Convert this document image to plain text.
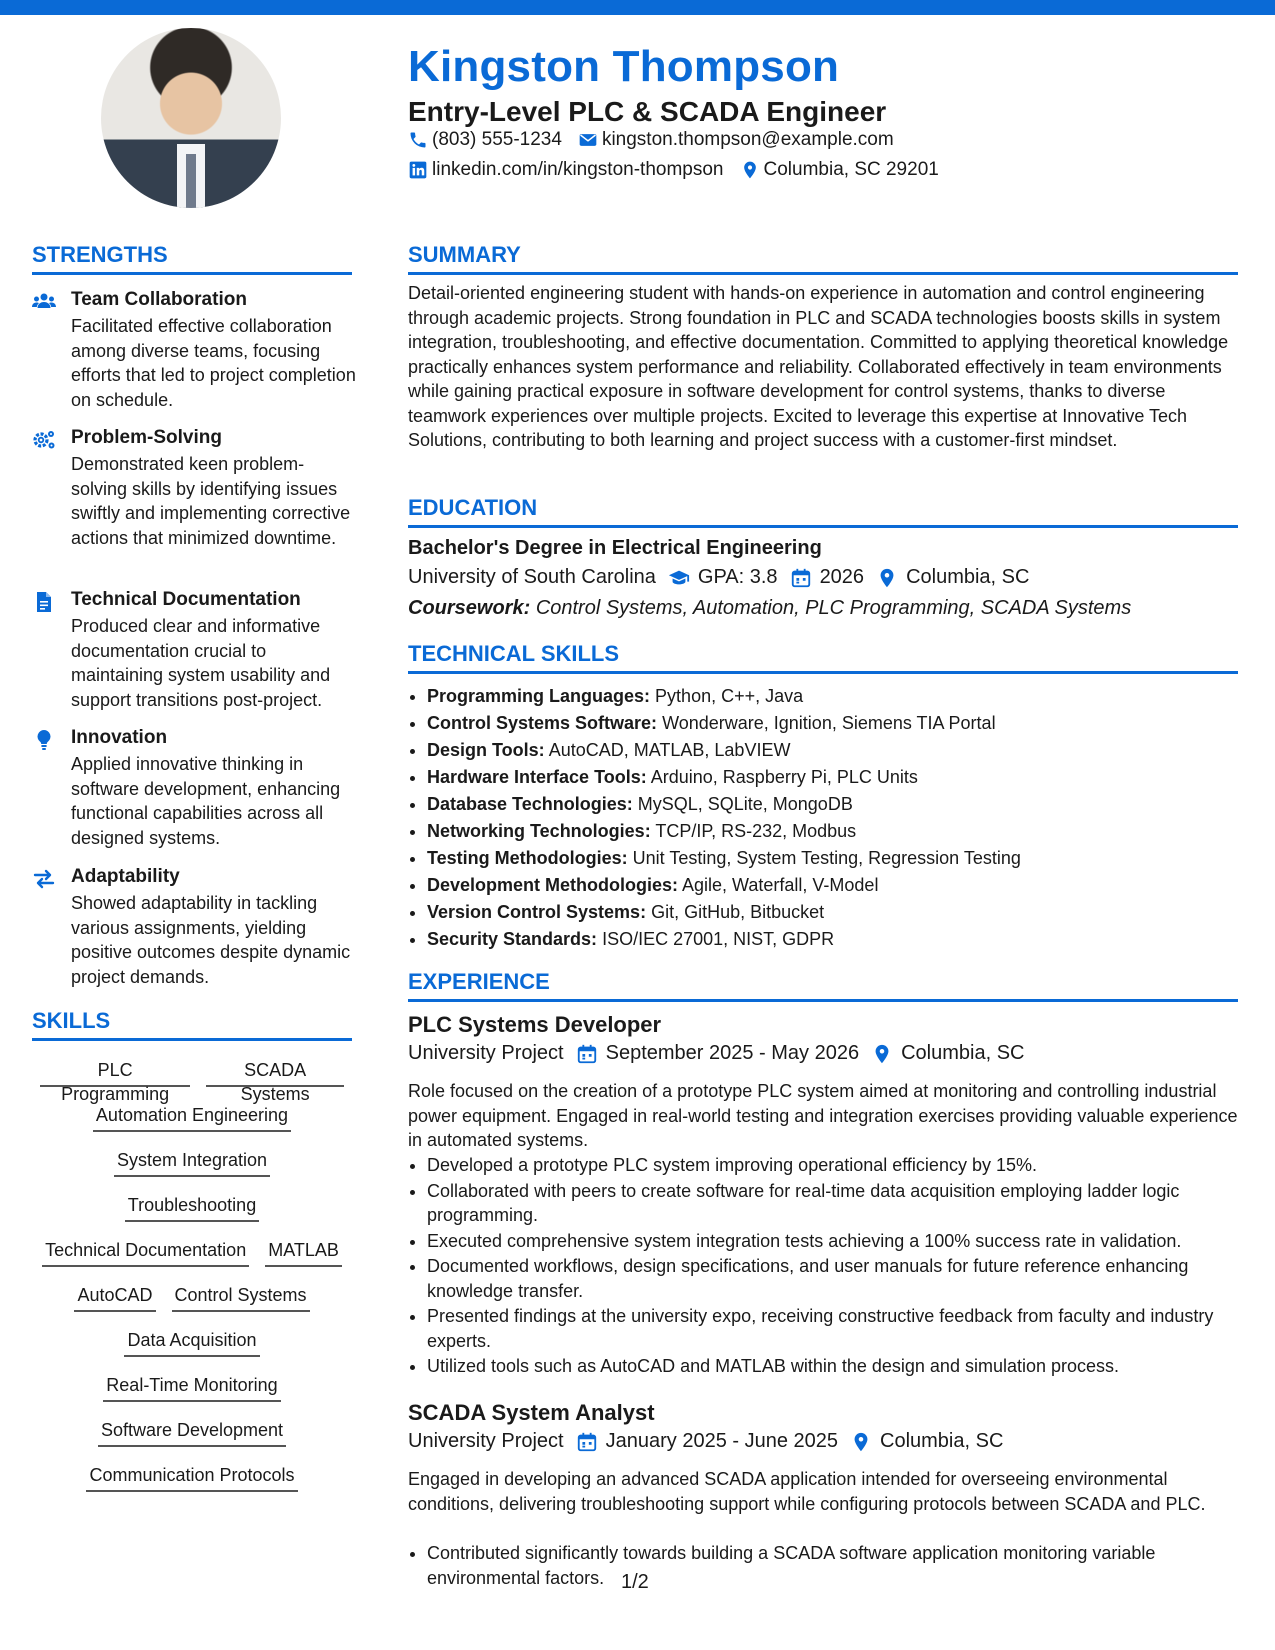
Kingston Thompson
Entry-Level PLC & SCADA Engineer
(803) 555-1234 kingston.thompson@example.com
linkedin.com/in/kingston-thompson Columbia, SC 29201
STRENGTHS
Team Collaboration
Facilitated effective collaboration among diverse teams, focusing efforts that led to project completion on schedule.
Problem-Solving
Demonstrated keen problem-solving skills by identifying issues swiftly and implementing corrective actions that minimized downtime.
Technical Documentation
Produced clear and informative documentation crucial to maintaining system usability and support transitions post-project.
Innovation
Applied innovative thinking in software development, enhancing functional capabilities across all designed systems.
Adaptability
Showed adaptability in tackling various assignments, yielding positive outcomes despite dynamic project demands.
SKILLS
PLC Programming
SCADA Systems
Automation Engineering
System Integration
Troubleshooting
Technical Documentation MATLAB
AutoCAD Control Systems
Data Acquisition
Real-Time Monitoring
Software Development
Communication Protocols
SUMMARY

Detail-oriented engineering student with hands-on experience in automation and control engineering through academic projects. Strong foundation in PLC and SCADA technologies boosts skills in system integration, troubleshooting, and effective documentation. Committed to applying theoretical knowledge practically enhances system performance and reliability. Collaborated effectively in team environments while gaining practical exposure in software development for control systems, thanks to diverse teamwork experiences over multiple projects. Excited to leverage this expertise at Innovative Tech Solutions, contributing to both learning and project success with a customer-first mindset.

EDUCATION
Bachelor's Degree in Electrical Engineering
University of South Carolina GPA: 3.8 2026 Columbia, SC

Coursework: Control Systems, Automation, PLC Programming, SCADA Systems

TECHNICAL SKILLS
• Programming Languages: Python, C++, Java
• Control Systems Software: Wonderware, Ignition, Siemens TIA Portal
• Design Tools: AutoCAD, MATLAB, LabVIEW
• Hardware Interface Tools: Arduino, Raspberry Pi, PLC Units
• Database Technologies: MySQL, SQLite, MongoDB
• Networking Technologies: TCP/IP, RS-232, Modbus
• Testing Methodologies: Unit Testing, System Testing, Regression Testing
• Development Methodologies: Agile, Waterfall, V-Model
• Version Control Systems: Git, GitHub, Bitbucket
• Security Standards: ISO/IEC 27001, NIST, GDPR
EXPERIENCE
PLC Systems Developer
University Project September 2025 - May 2026 Columbia, SC

Role focused on the creation of a prototype PLC system aimed at monitoring and controlling industrial power equipment. Engaged in real-world testing and integration exercises providing valuable experience in automated systems.

• Developed a prototype PLC system improving operational efficiency by 15%.
• Collaborated with peers to create software for real-time data acquisition employing ladder logic programming.
• Executed comprehensive system integration tests achieving a 100% success rate in validation.
• Documented workflows, design specifications, and user manuals for future reference enhancing knowledge transfer.
• Presented findings at the university expo, receiving constructive feedback from faculty and industry experts.
• Utilized tools such as AutoCAD and MATLAB within the design and simulation process.
SCADA System Analyst
University Project January 2025 - June 2025 Columbia, SC

Engaged in developing an advanced SCADA application intended for overseeing environmental conditions, delivering troubleshooting support while configuring protocols between SCADA and PLC.

• Contributed significantly towards building a SCADA software application monitoring variable environmental factors. 1/2
